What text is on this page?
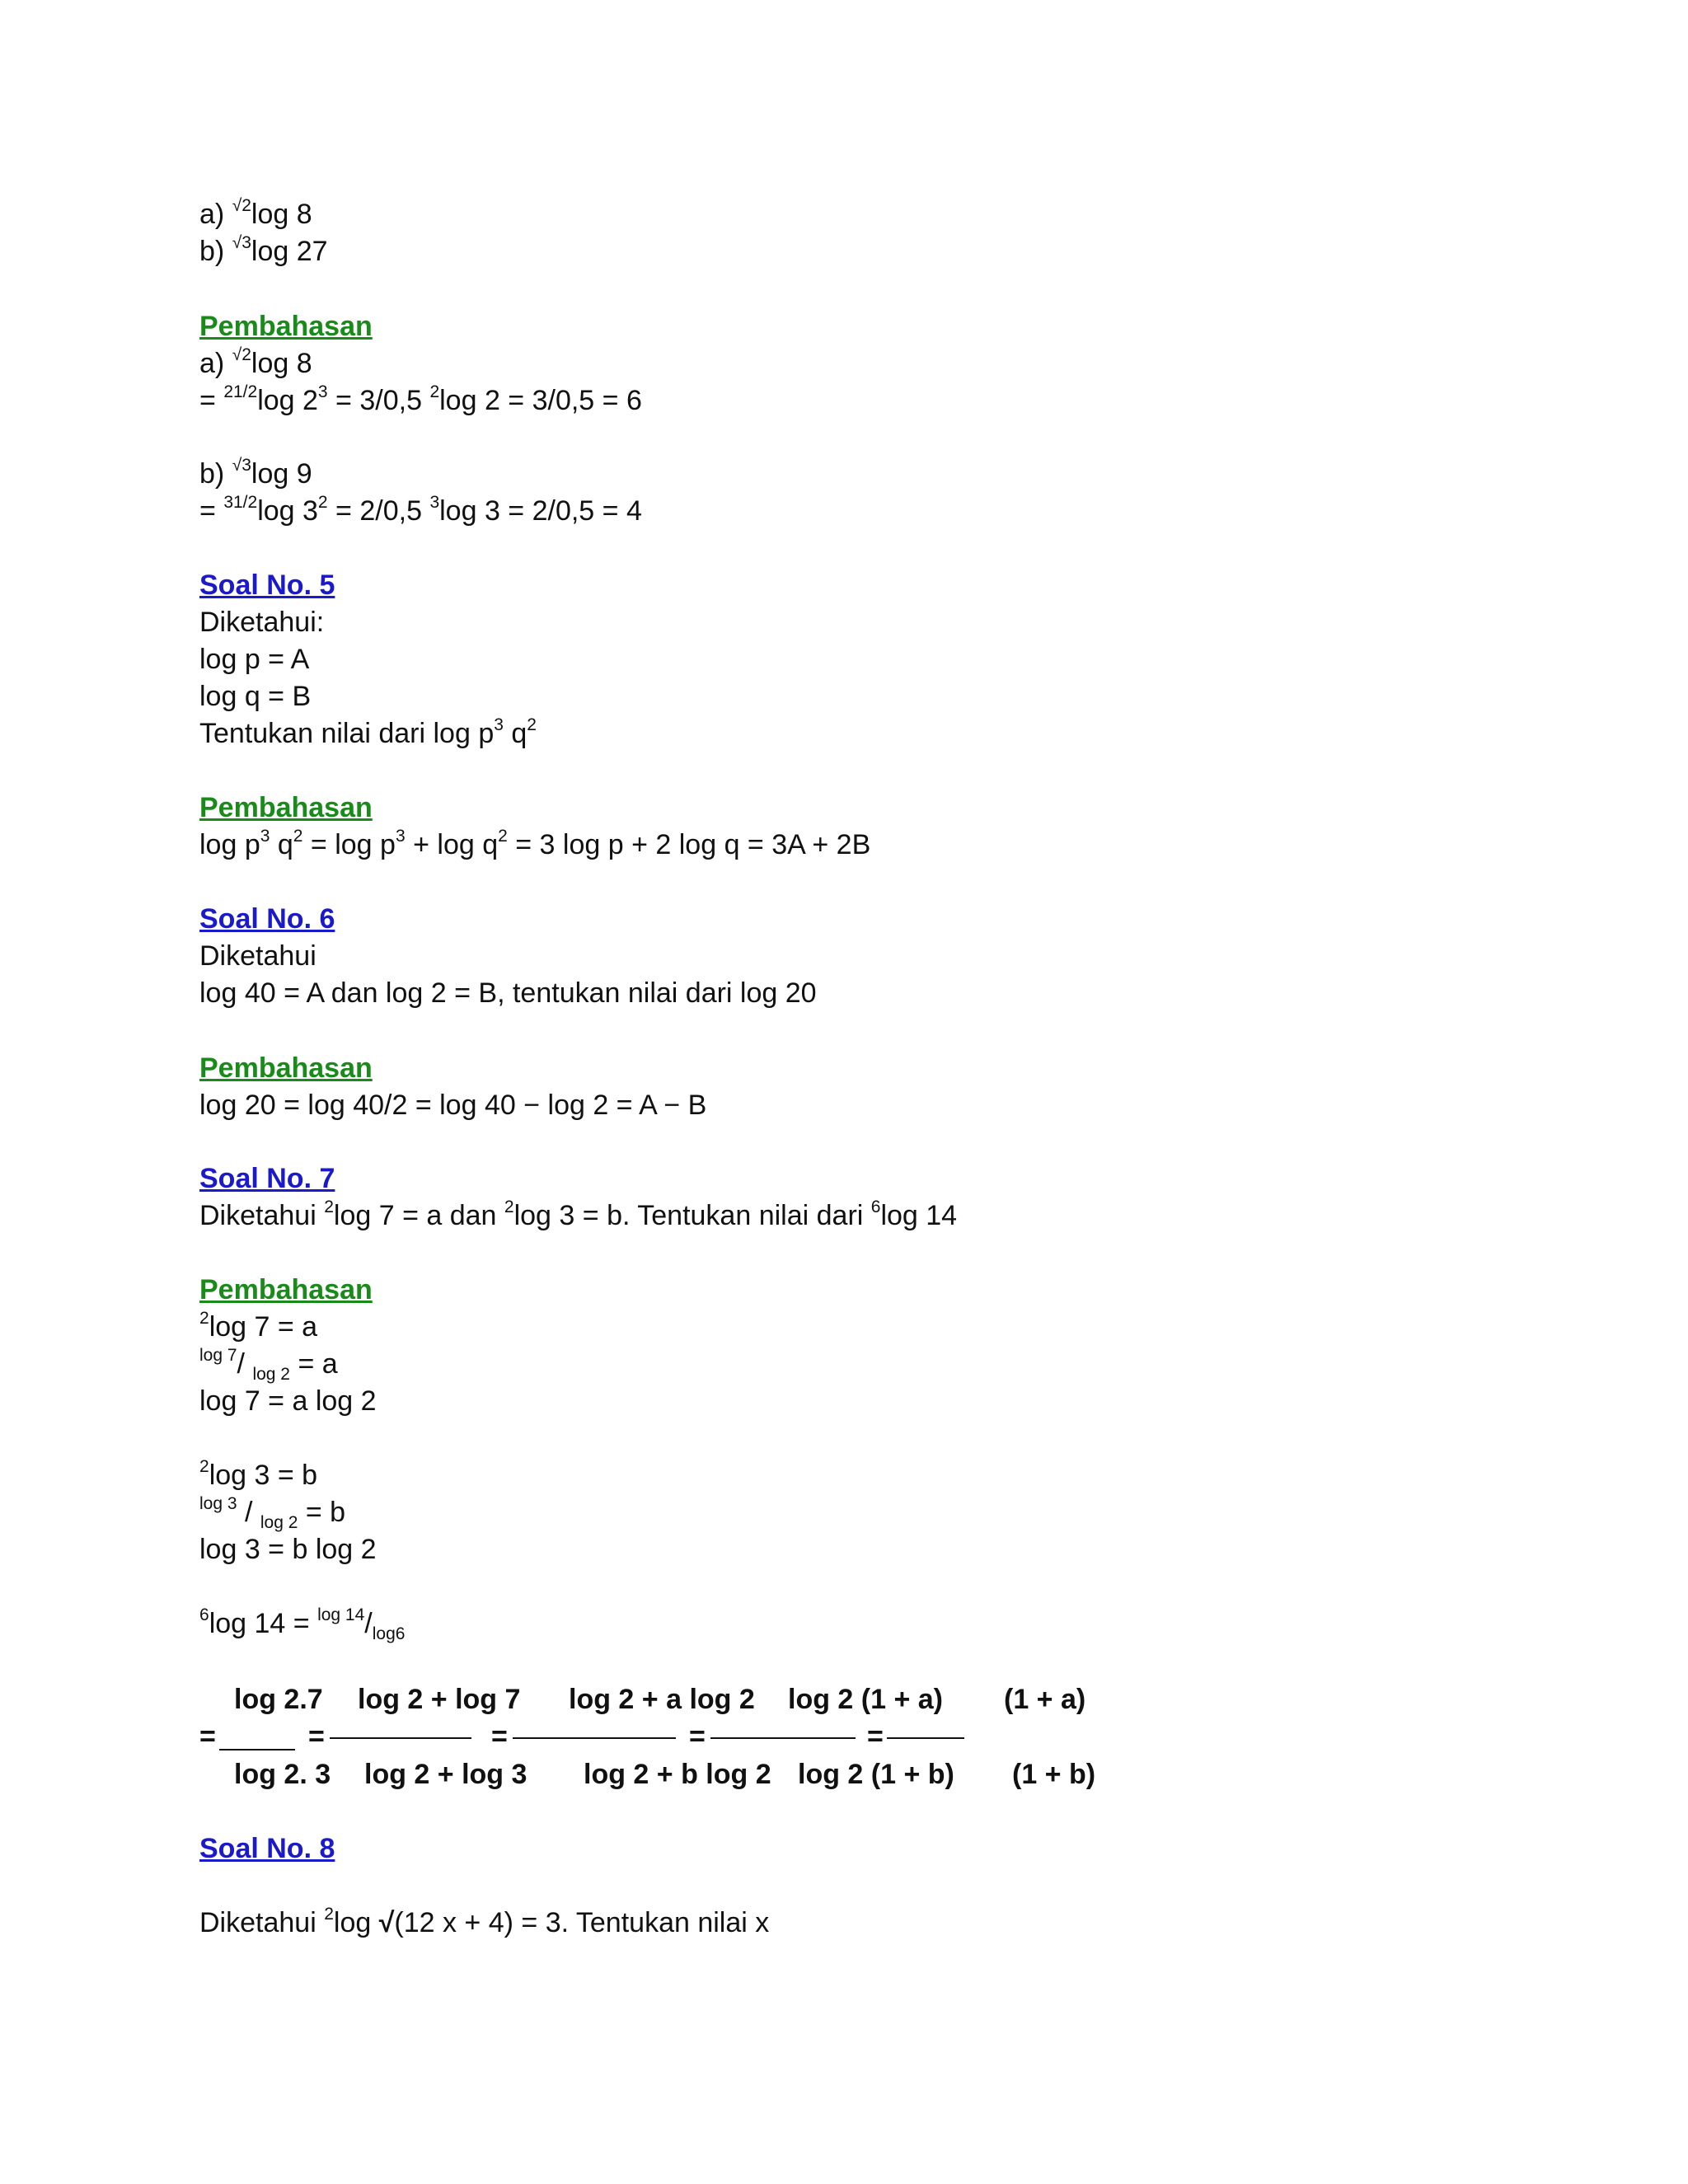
a) $^{√2}$log 8
b) $^{√3}$log 27
Pembahasan
a) $^{√2}$log 8
= $^{21/2}$log $2^3 = 3/0,5$ $^2$log 2 = 3/0,5 = 6
b) $^{√3}$log 9
= $^{31/2}$log $3^2 = 2/0,5$ $^3$log 3 = 2/0,5 = 4
Soal No. 5
Diketahui:
log p = A
log q = B
Tentukan nilai dari $\log p^3$ $q^2$
Pembahasan
$\log p^3$ $q^2 = \log p^3 + \log q^2 = 3$ log p + 2 log q = 3A + 2B
Soal No. 6
Diketahui
log 40 = A dan log 2 = B, tentukan nilai dari log 20
Pembahasan
log 20 = log 40/2 = log 40 − log 2 = A − B
Soal No. 7
Diketahui $^2$log 7 = a dan $^2$log 3 = b. Tentukan nilai dari $^6$log 14
Pembahasan
$^2$log 7 = a
$^{log 7}$/ $_{log 2}$ = a
log 7 = a log 2
$^2$log 3 = b
$^{log 3}$ / $_{log 2}$ = b
log 3 = b log 2
$^6$log $14 = ^{log 14}/_{log6}$
log 2.7
log 2. 3
=
log 2 + log 7
log 2 + log 3
=
log 2 + a log 2
log 2 + b log 2
=
log 2 (1 + a)
log 2 (1 + b)
=
(1 + a)
(1 + b)
=
Soal No. 8
Diketahui $^2$log √(12 x + 4) = 3. Tentukan nilai x
